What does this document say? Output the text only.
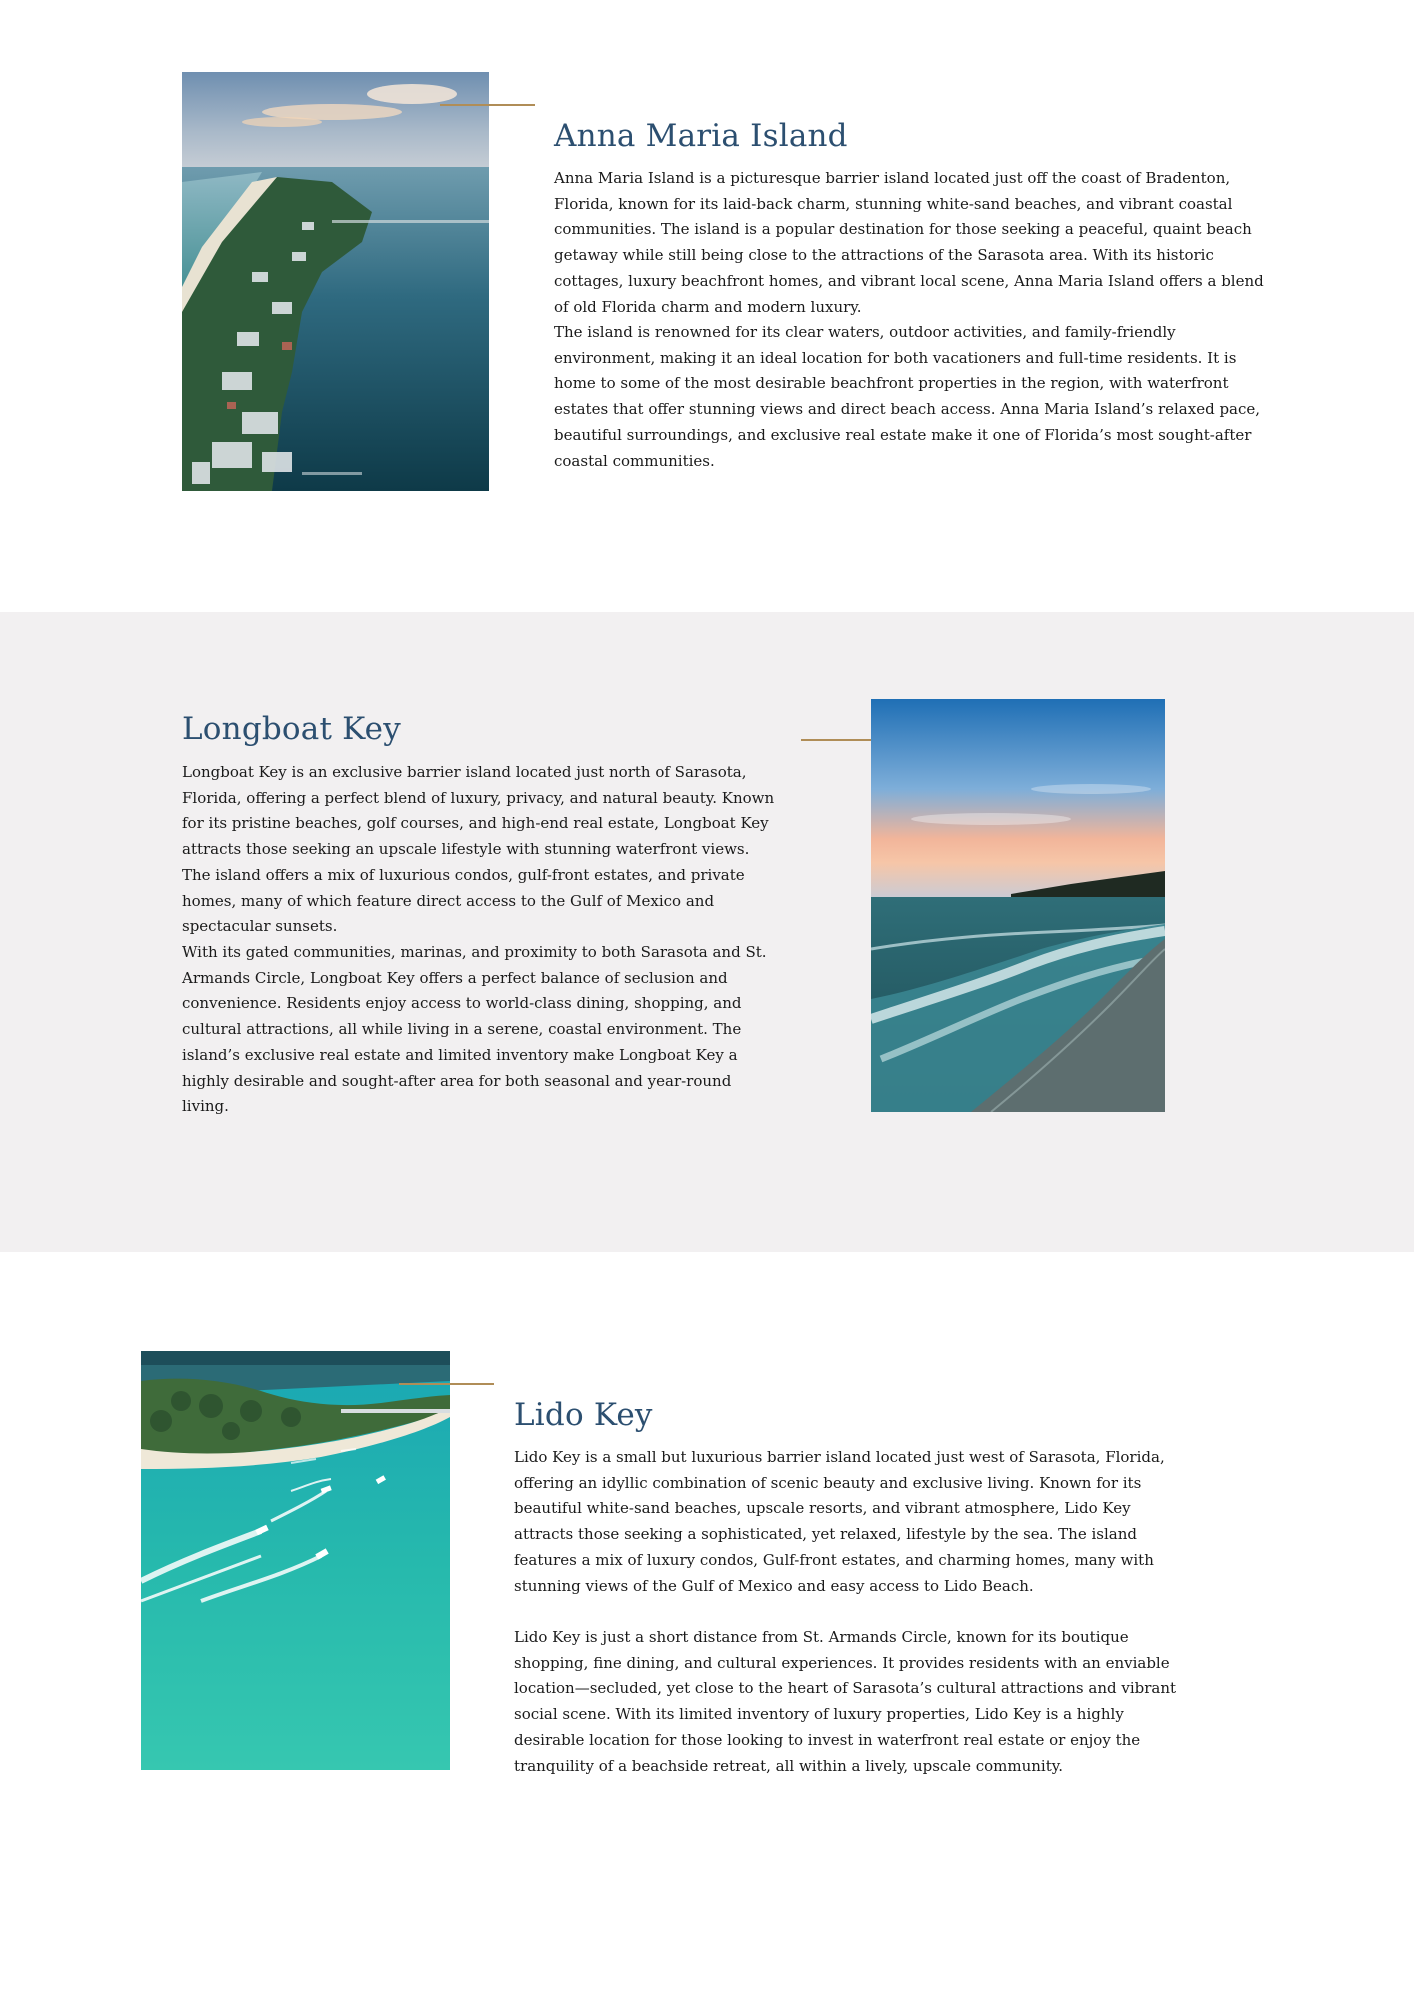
Anna Maria Island

Anna Maria Island is a picturesque barrier island located just off the coast of Bradenton, Florida, known for its laid-back charm, stunning white-sand beaches, and vibrant coastal communities. The island is a popular destination for those seeking a peaceful, quaint beach getaway while still being close to the attractions of the Sarasota area. With its historic cottages, luxury beachfront homes, and vibrant local scene, Anna Maria Island offers a blend of old Florida charm and modern luxury.

The island is renowned for its clear waters, outdoor activities, and family-friendly environment, making it an ideal location for both vacationers and full-time residents. It is home to some of the most desirable beachfront properties in the region, with waterfront estates that offer stunning views and direct beach access. Anna Maria Island’s relaxed pace, beautiful surroundings, and exclusive real estate make it one of Florida’s most sought-after coastal communities.

Longboat Key

Longboat Key is an exclusive barrier island located just north of Sarasota, Florida, offering a perfect blend of luxury, privacy, and natural beauty. Known for its pristine beaches, golf courses, and high-end real estate, Longboat Key attracts those seeking an upscale lifestyle with stunning waterfront views. The island offers a mix of luxurious condos, gulf-front estates, and private homes, many of which feature direct access to the Gulf of Mexico and spectacular sunsets.

With its gated communities, marinas, and proximity to both Sarasota and St. Armands Circle, Longboat Key offers a perfect balance of seclusion and convenience. Residents enjoy access to world-class dining, shopping, and cultural attractions, all while living in a serene, coastal environment. The island’s exclusive real estate and limited inventory make Longboat Key a highly desirable and sought-after area for both seasonal and year-round living.

Lido Key

Lido Key is a small but luxurious barrier island located just west of Sarasota, Florida, offering an idyllic combination of scenic beauty and exclusive living. Known for its beautiful white-sand beaches, upscale resorts, and vibrant atmosphere, Lido Key attracts those seeking a sophisticated, yet relaxed, lifestyle by the sea. The island features a mix of luxury condos, Gulf-front estates, and charming homes, many with stunning views of the Gulf of Mexico and easy access to Lido Beach.

Lido Key is just a short distance from St. Armands Circle, known for its boutique shopping, fine dining, and cultural experiences. It provides residents with an enviable location—secluded, yet close to the heart of Sarasota’s cultural attractions and vibrant social scene. With its limited inventory of luxury properties, Lido Key is a highly desirable location for those looking to invest in waterfront real estate or enjoy the tranquility of a beachside retreat, all within a lively, upscale community.
